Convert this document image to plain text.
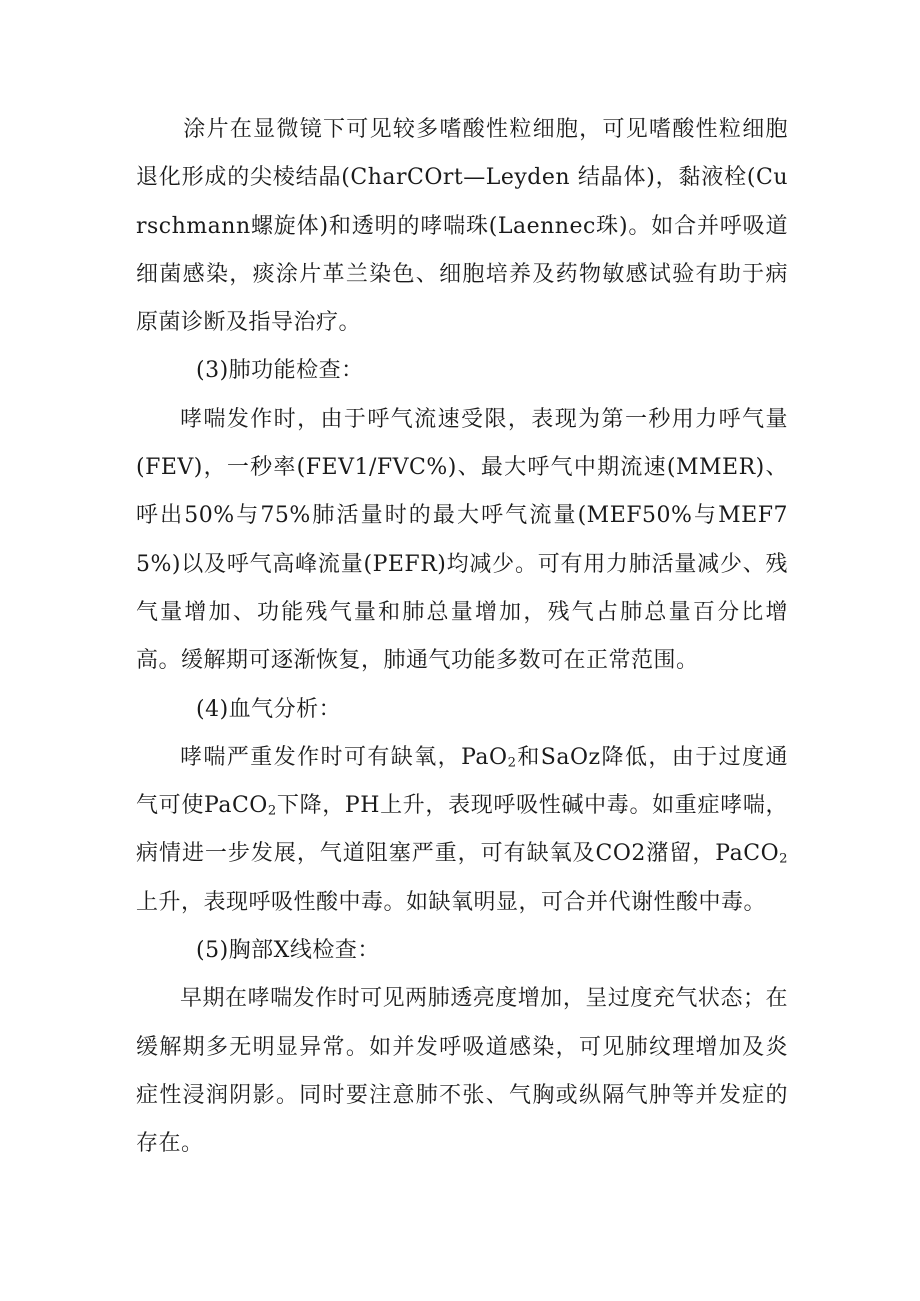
涂片在显微镜下可见较多嗜酸性粒细胞，可见嗜酸性粒细胞退化形成的尖棱结晶(CharCOrt—Leyden 结晶体)，黏液栓(Curschmann螺旋体)和透明的哮喘珠(Laennec珠)。如合并呼吸道细菌感染，痰涂片革兰染色、细胞培养及药物敏感试验有助于病原菌诊断及指导治疗。

(3)肺功能检查：

哮喘发作时，由于呼气流速受限，表现为第一秒用力呼气量(FEV)，一秒率(FEV1/FVC%)、最大呼气中期流速(MMER)、呼出50%与75%肺活量时的最大呼气流量(MEF50%与MEF75%)以及呼气高峰流量(PEFR)均减少。可有用力肺活量减少、残气量增加、功能残气量和肺总量增加，残气占肺总量百分比增高。缓解期可逐渐恢复，肺通气功能多数可在正常范围。

(4)血气分析：

哮喘严重发作时可有缺氧，PaO$_2$和SaOz降低，由于过度通气可使PaCO$_2$下降，PH上升，表现呼吸性碱中毒。如重症哮喘，病情进一步发展，气道阻塞严重，可有缺氧及CO2潴留，PaCO$_2$上升，表现呼吸性酸中毒。如缺氧明显，可合并代谢性酸中毒。

(5)胸部X线检查：

早期在哮喘发作时可见两肺透亮度增加，呈过度充气状态；在缓解期多无明显异常。如并发呼吸道感染，可见肺纹理增加及炎症性浸润阴影。同时要注意肺不张、气胸或纵隔气肿等并发症的存在。
